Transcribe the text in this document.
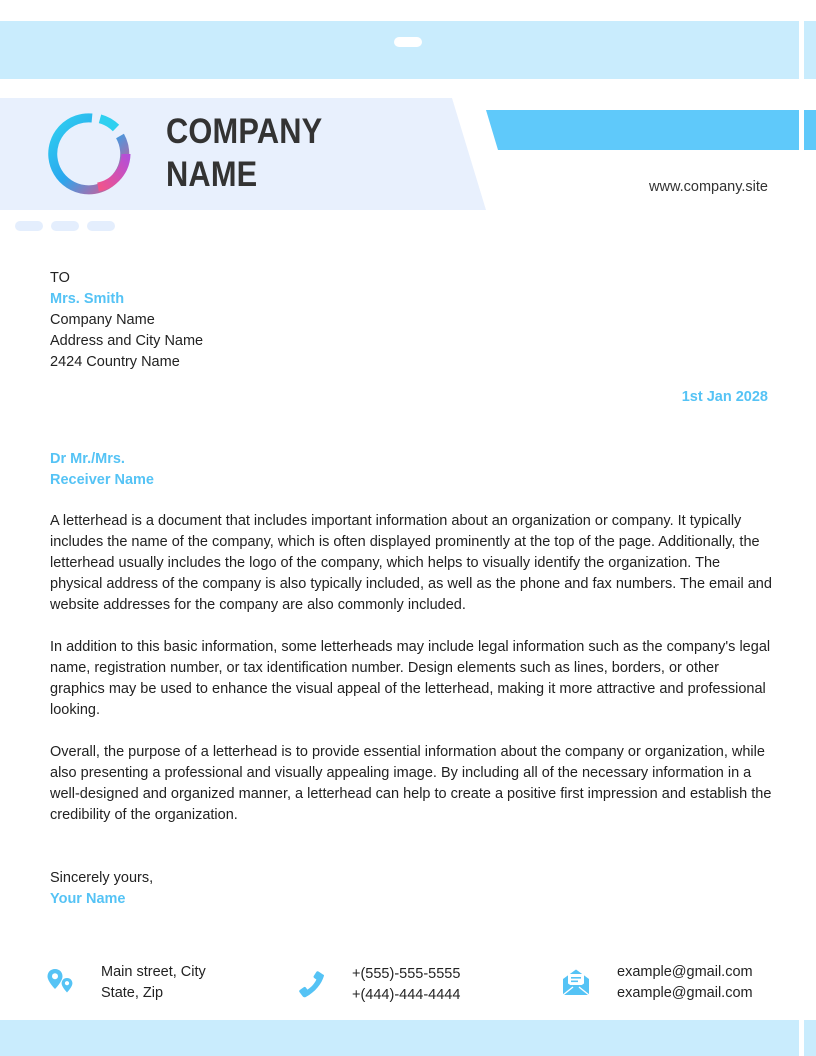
COMPANY
NAME	www.company.site
TO
Mrs. Smith
Company Name
Address and City Name
2424 Country Name
1st Jan 2028
Dr Mr./Mrs.
Receiver Name

A letterhead is a document that includes important information about an organization or company. It typically includes the name of the company, which is often displayed prominently at the top of the page. Additionally, the letterhead usually includes the logo of the company, which helps to visually identify the organization. The physical address of the company is also typically included, as well as the phone and fax numbers. The email and website addresses for the company are also commonly included.

In addition to this basic information, some letterheads may include legal information such as the company's legal name, registration number, or tax identification number. Design elements such as lines, borders, or other graphics may be used to enhance the visual appeal of the letterhead, making it more attractive and professional looking.

Overall, the purpose of a letterhead is to provide essential information about the company or organization, while also presenting a professional and visually appealing image. By including all of the necessary information in a well-designed and organized manner, a letterhead can help to create a positive first impression and establish the credibility of the organization.

Sincerely yours,
Your Name
Main street, City
State, Zip
+(555)-555-5555
+(444)-444-4444
example@gmail.com
example@gmail.com
